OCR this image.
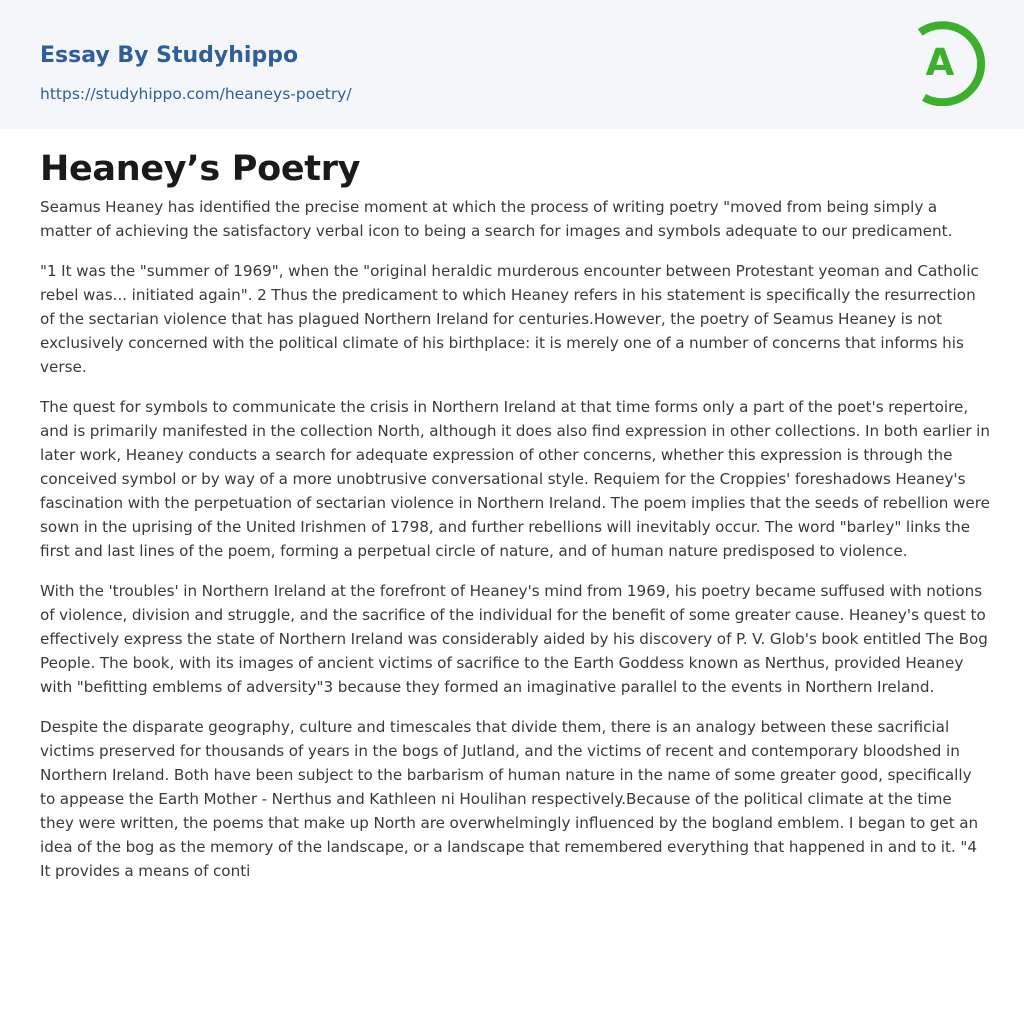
Essay By Studyhippo
https://studyhippo.com/heaneys-poetry/
A
Heaney’s Poetry

Seamus Heaney has identified the precise moment at which the process of writing poetry "moved from being simply a matter of achieving the satisfactory verbal icon to being a search for images and symbols adequate to our predicament.

"1 It was the "summer of 1969", when the "original heraldic murderous encounter between Protestant yeoman and Catholic rebel was... initiated again". 2 Thus the predicament to which Heaney refers in his statement is specifically the resurrection of the sectarian violence that has plagued Northern Ireland for centuries.However, the poetry of Seamus Heaney is not exclusively concerned with the political climate of his birthplace: it is merely one of a number of concerns that informs his verse.

The quest for symbols to communicate the crisis in Northern Ireland at that time forms only a part of the poet's repertoire, and is primarily manifested in the collection North, although it does also find expression in other collections. In both earlier in later work, Heaney conducts a search for adequate expression of other concerns, whether this expression is through the conceived symbol or by way of a more unobtrusive conversational style. Requiem for the Croppies' foreshadows Heaney's fascination with the perpetuation of sectarian violence in Northern Ireland. The poem implies that the seeds of rebellion were sown in the uprising of the United Irishmen of 1798, and further rebellions will inevitably occur. The word "barley" links the first and last lines of the poem, forming a perpetual circle of nature, and of human nature predisposed to violence.

With the 'troubles' in Northern Ireland at the forefront of Heaney's mind from 1969, his poetry became suffused with notions of violence, division and struggle, and the sacrifice of the individual for the benefit of some greater cause. Heaney's quest to effectively express the state of Northern Ireland was considerably aided by his discovery of P. V. Glob's book entitled The Bog People. The book, with its images of ancient victims of sacrifice to the Earth Goddess known as Nerthus, provided Heaney with "befitting emblems of adversity"3 because they formed an imaginative parallel to the events in Northern Ireland.

Despite the disparate geography, culture and timescales that divide them, there is an analogy between these sacrificial victims preserved for thousands of years in the bogs of Jutland, and the victims of recent and contemporary bloodshed in Northern Ireland. Both have been subject to the barbarism of human nature in the name of some greater good, specifically to appease the Earth Mother - Nerthus and Kathleen ni Houlihan respectively.Because of the political climate at the time they were written, the poems that make up North are overwhelmingly influenced by the bogland emblem. I began to get an idea of the bog as the memory of the landscape, or a landscape that remembered everything that happened in and to it. "4 It provides a means of conti
